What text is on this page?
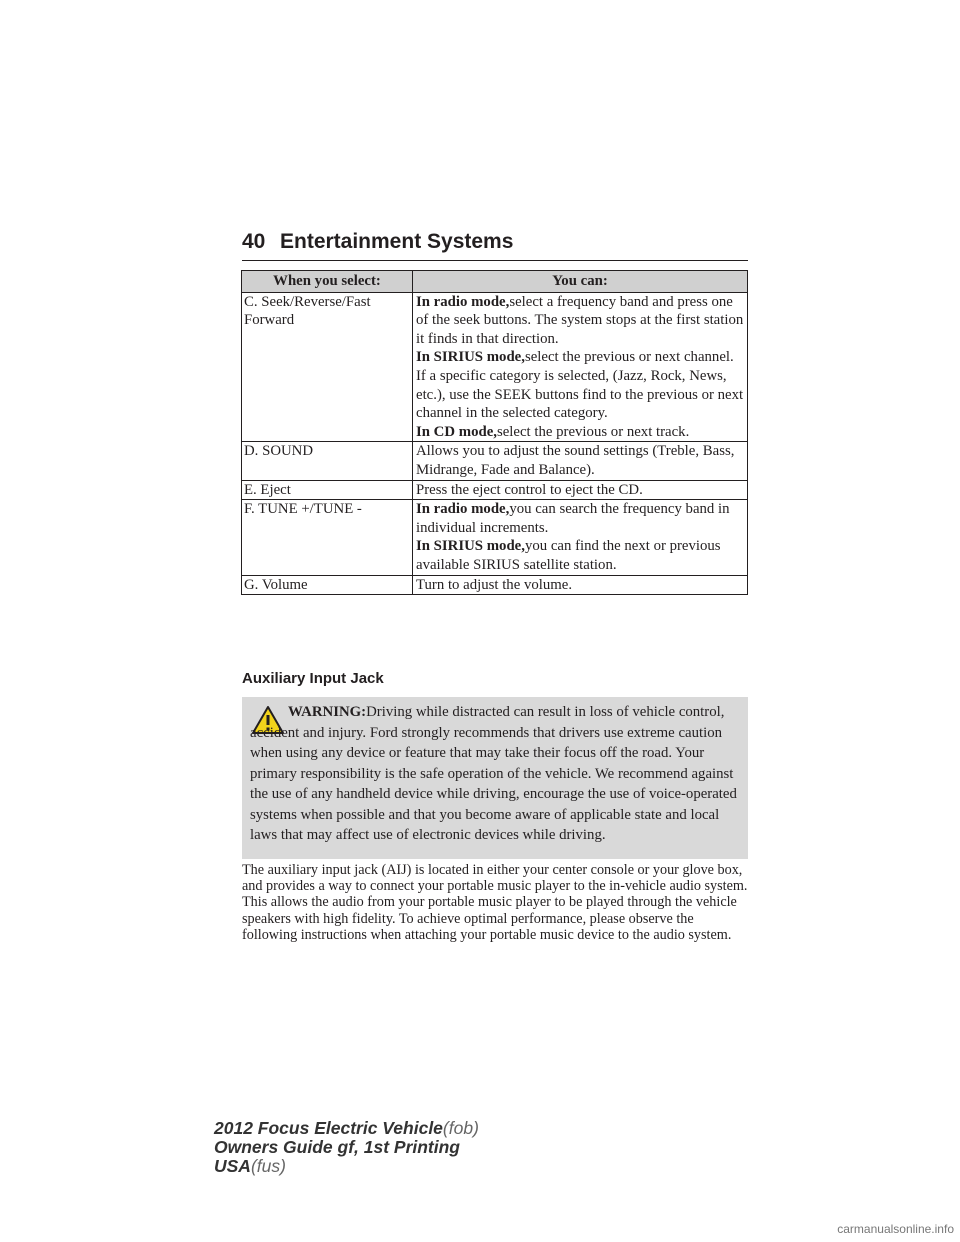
40 Entertainment Systems
When you select:	You can:
C. Seek/Reverse/Fast Forward	In radio mode,select a frequency band and press one of the seek buttons. The system stops at the first station it finds in that direction.
In SIRIUS mode,select the previous or next channel. If a specific category is selected, (Jazz, Rock, News, etc.), use the SEEK buttons find to the previous or next channel in the selected category.
In CD mode,select the previous or next track.

D. SOUND	Allows you to adjust the sound settings (Treble, Bass, Midrange, Fade and Balance).

E. Eject	Press the eject control to eject the CD.

F. TUNE +/TUNE -	In radio mode,you can search the frequency band in individual increments.
In SIRIUS mode,you can find the next or previous available SIRIUS satellite station.

G. Volume	Turn to adjust the volume.
Auxiliary Input Jack
WARNING:Driving while distracted can result in loss of vehicle control, accident and injury. Ford strongly recommends that drivers use extreme caution when using any device or feature that may take their focus off the road. Your primary responsibility is the safe operation of the vehicle. We recommend against the use of any handheld device while driving, encourage the use of voice-operated systems when possible and that you become aware of applicable state and local laws that may affect use of electronic devices while driving.
The auxiliary input jack (AIJ) is located in either your center console or your glove box, and provides a way to connect your portable music player to the in-vehicle audio system. This allows the audio from your portable music player to be played through the vehicle speakers with high fidelity. To achieve optimal performance, please observe the following instructions when attaching your portable music device to the audio system.
2012 Focus Electric Vehicle(fob)
Owners Guide gf, 1st Printing
USA(fus)
carmanualsonline.info
